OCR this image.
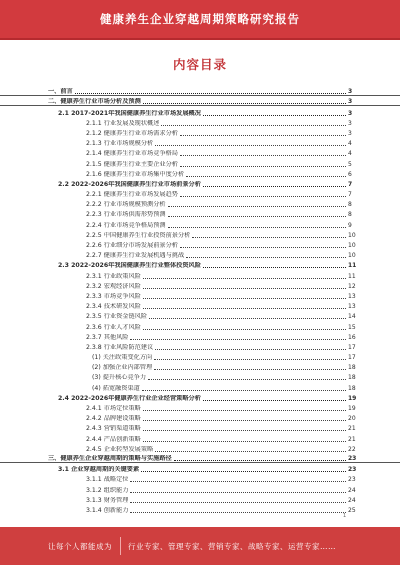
健康养生企业穿越周期策略研究报告
内容目录
一、前言	3
二、健康养生行业市场分析及预测	3
2.1 2017-2021年我国健康养生行业市场发展概况	3
2.1.1 行业发展及现状概述	3
2.1.2 健康养生行业市场需求分析	3
2.1.3 行业市场规模分析	4
2.1.4 健康养生行业市场竞争格局	4
2.1.5 健康养生行业主要企业分析	5
2.1.6 健康养生行业市场集中度分析	6
2.2 2022-2026年我国健康养生行业市场前景分析	7
2.2.1 健康养生行业市场发展趋势	7
2.2.2 行业市场规模预测分析	8
2.2.3 行业市场供需形势预测	8
2.2.4 行业市场竞争格局预测	9
2.2.5 中国健康养生行业投资前景分析	10
2.2.6 行业细分市场发展前景分析	10
2.2.7 健康养生行业发展机遇与挑战	10
2.3 2022-2026年我国健康养生行业整体投资风险	11
2.3.1 行业政策风险	11
2.3.2 宏观经济风险	12
2.3.3 市场竞争风险	13
2.3.4 技术研发风险	13
2.3.5 行业资金链风险	14
2.3.6 行业人才风险	15
2.3.7 其他风险	16
2.3.8 行业风险防范建议	17
(1) 关注政策变化方向	17
(2) 加强企业内部管理	18
(3) 提升核心竞争力	18
(4) 拓宽融资渠道	18
2.4 2022-2026年健康养生行业企业经营策略分析	19
2.4.1 市场定位策略	19
2.4.2 品牌建设策略	20
2.4.3 营销渠道策略	21
2.4.4 产品创新策略	21
2.4.5 企业转型发展策略	22
三、健康养生企业穿越周期的策略与实施路径	23
3.1 企业穿越周期的关键要素	23
3.1.1 战略定位	23
3.1.2 组织能力	24
3.1.3 财务管理	24
3.1.4 创新能力	25
1
让每个人都能成为 行业专家、管理专家、营销专家、战略专家、运营专家……
